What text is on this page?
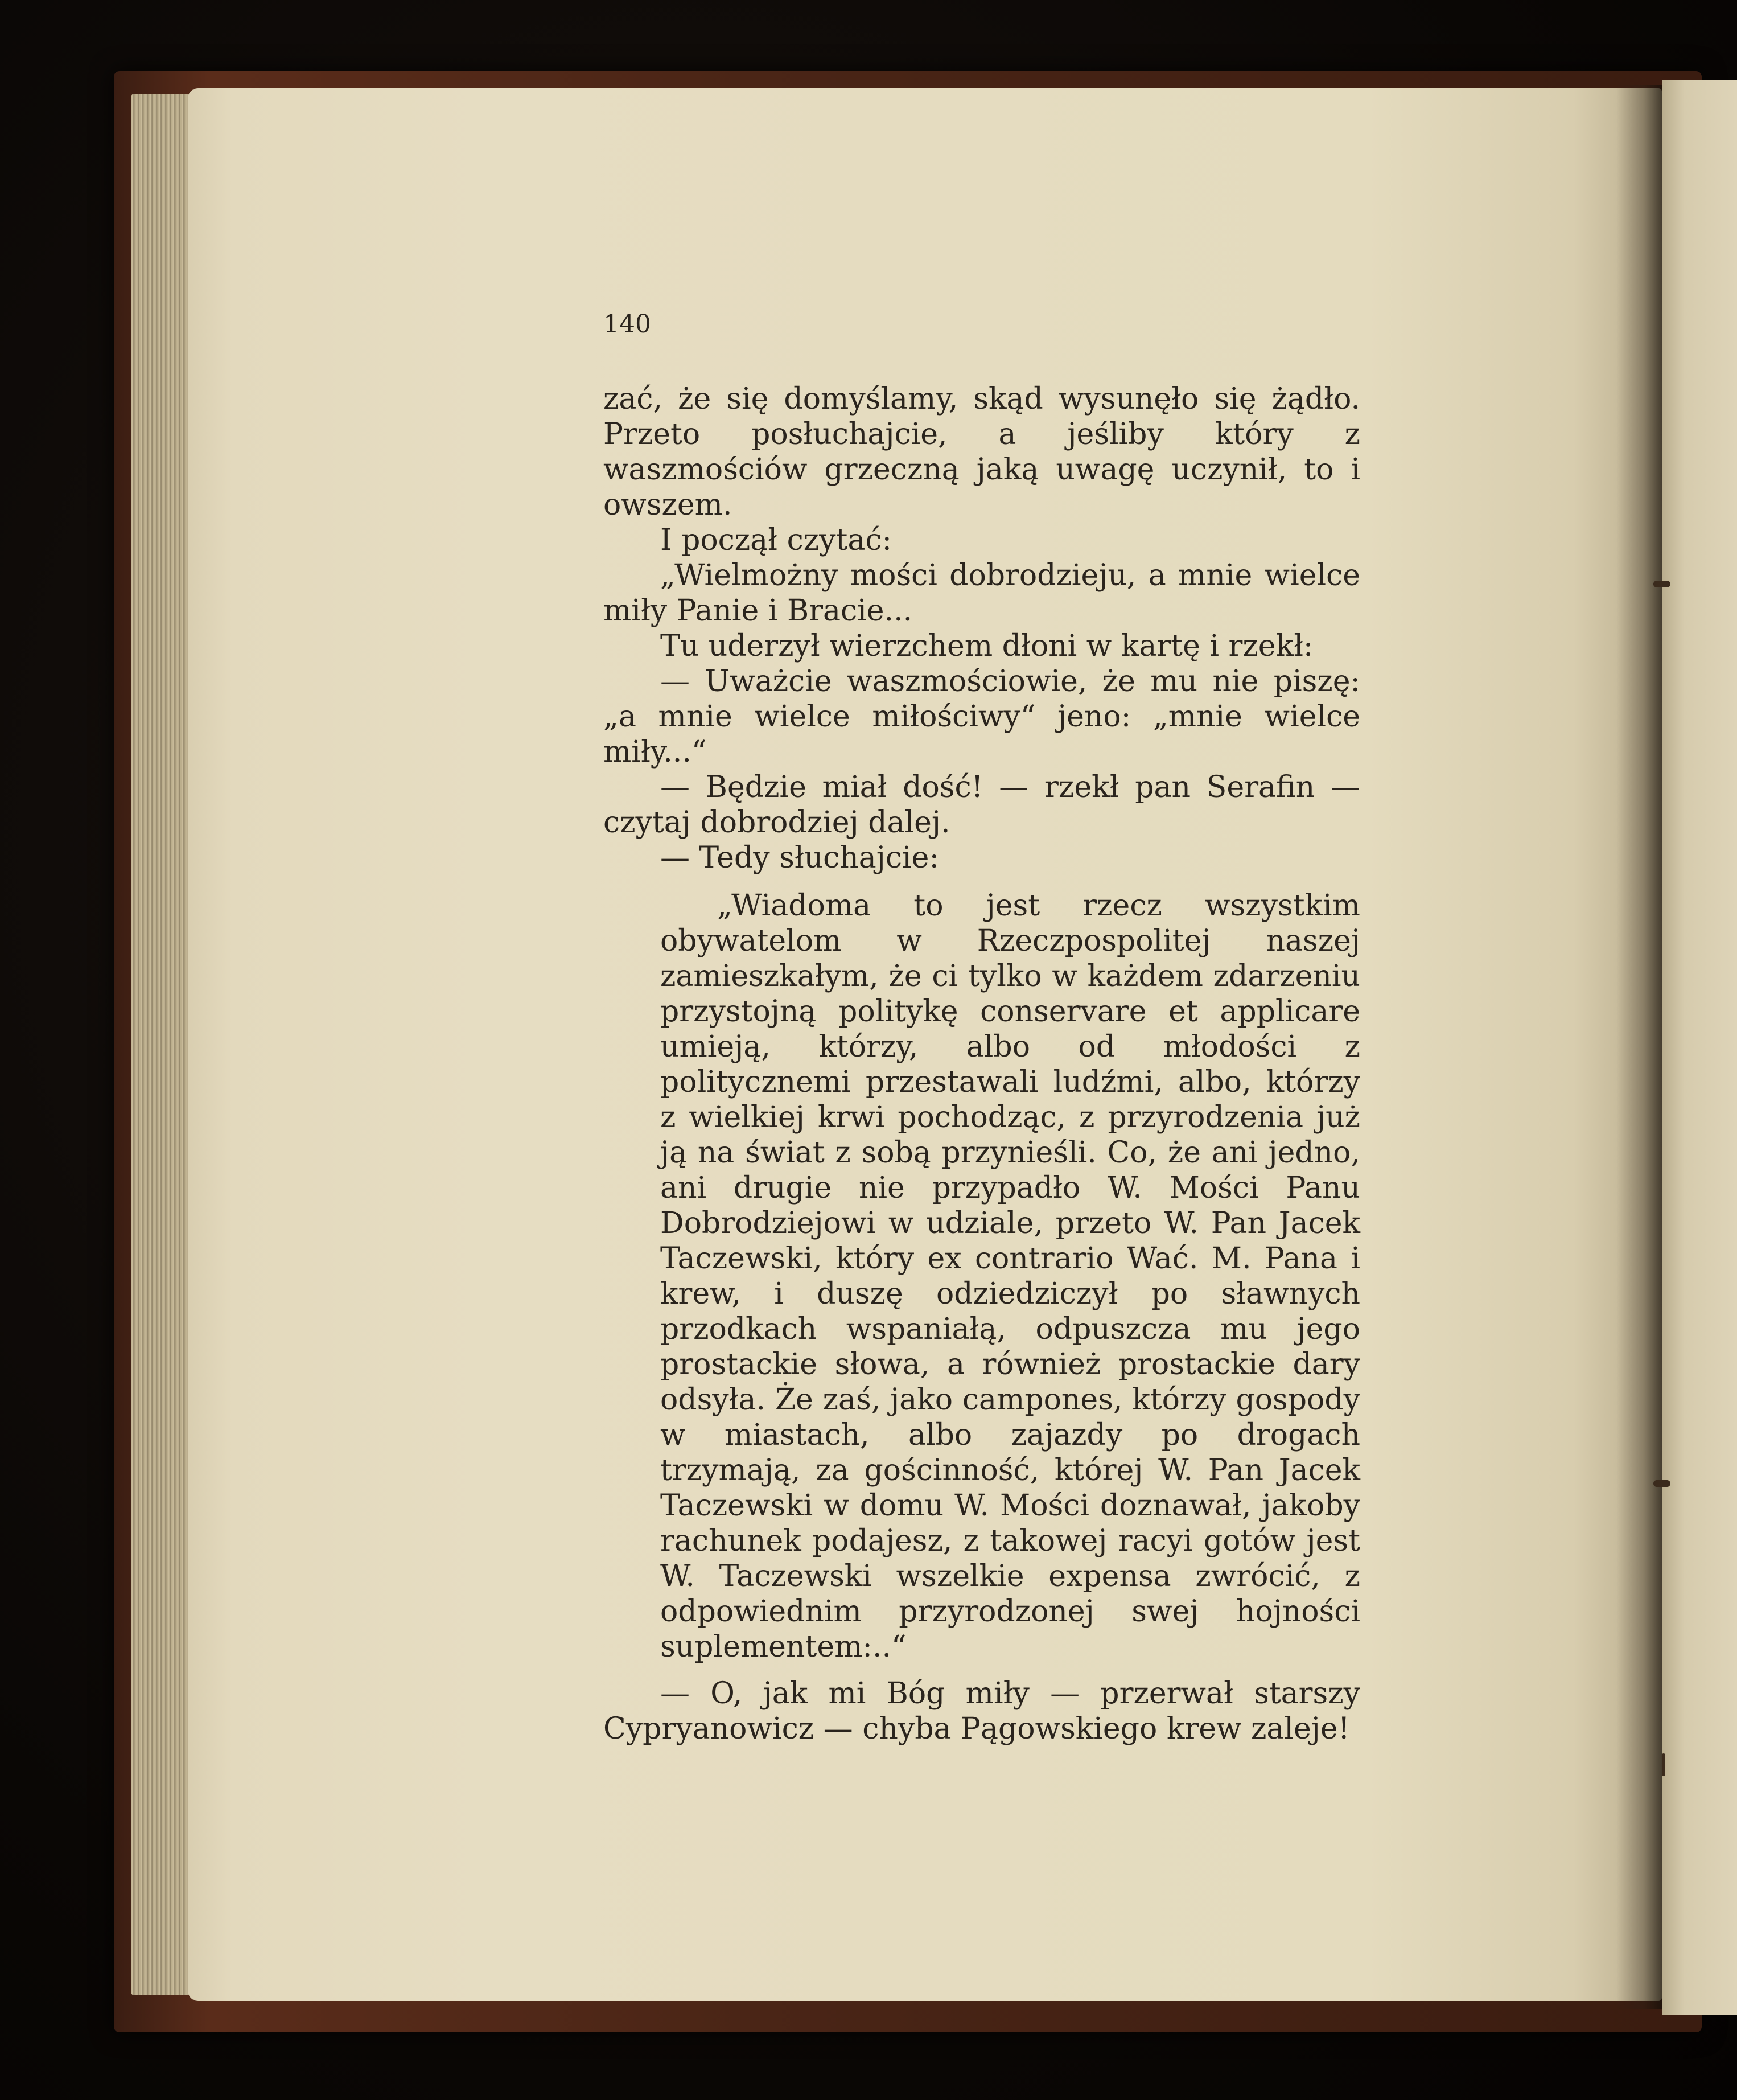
140

zać, że się domyślamy, skąd wysunęło się żądło. Przeto posłuchajcie, a jeśliby który z waszmościów grzeczną jaką uwagę uczynił, to i owszem.

I począł czytać:

„Wielmożny mości dobrodzieju, a mnie wielce miły Panie i Bracie...

Tu uderzył wierzchem dłoni w kartę i rzekł:

— Uważcie waszmościowie, że mu nie piszę: „a mnie wielce miłościwy“ jeno: „mnie wielce miły...“

— Będzie miał dość! — rzekł pan Serafin — czytaj dobrodziej dalej.

— Tedy słuchajcie:

„Wiadoma to jest rzecz wszystkim obywatelom w Rzeczpospolitej naszej zamieszkałym, że ci tylko w każdem zdarzeniu przystojną politykę conservare et applicare umieją, którzy, albo od młodości z politycznemi przestawali ludźmi, albo, którzy z wielkiej krwi pochodząc, z przyrodzenia już ją na świat z sobą przynieśli. Co, że ani jedno, ani drugie nie przypadło W. Mości Panu Dobrodziejowi w udziale, przeto W. Pan Jacek Taczewski, który ex contrario Wać. M. Pana i krew, i duszę odziedziczył po sławnych przodkach wspaniałą, odpuszcza mu jego prostackie słowa, a również prostackie dary odsyła. Że zaś, jako campones, którzy gospody w miastach, albo zajazdy po drogach trzymają, za gościnność, której W. Pan Jacek Taczewski w domu W. Mości doznawał, jakoby rachunek podajesz, z takowej racyi gotów jest W. Taczewski wszelkie expensa zwrócić, z odpowiednim przyrodzonej swej hojności suplementem:..“

— O, jak mi Bóg miły — przerwał starszy Cypryanowicz — chyba Pągowskiego krew zaleje!
